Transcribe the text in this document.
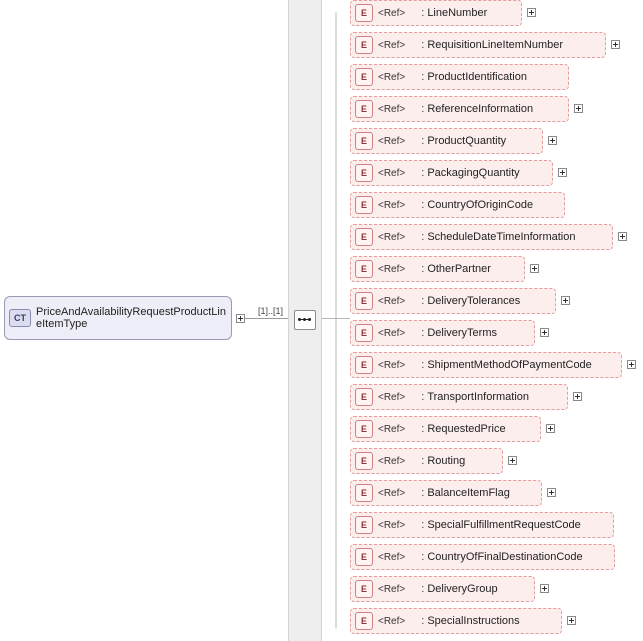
CT PriceAndAvailabilityRequestProductLineItemType
[1]..[1]
E	<Ref> : LineNumber
E	<Ref> : RequisitionLineItemNumber
E	<Ref> : ProductIdentification
E	<Ref> : ReferenceInformation
E	<Ref> : ProductQuantity
E	<Ref> : PackagingQuantity
E	<Ref> : CountryOfOriginCode
E	<Ref> : ScheduleDateTimeInformation
E	<Ref> : OtherPartner
E	<Ref> : DeliveryTolerances
E	<Ref> : DeliveryTerms
E	<Ref> : ShipmentMethodOfPaymentCode
E	<Ref> : TransportInformation
E	<Ref> : RequestedPrice
E	<Ref> : Routing
E	<Ref> : BalanceItemFlag
E	<Ref> : SpecialFulfillmentRequestCode
E	<Ref> : CountryOfFinalDestinationCode
E	<Ref> : DeliveryGroup
E	<Ref> : SpecialInstructions
